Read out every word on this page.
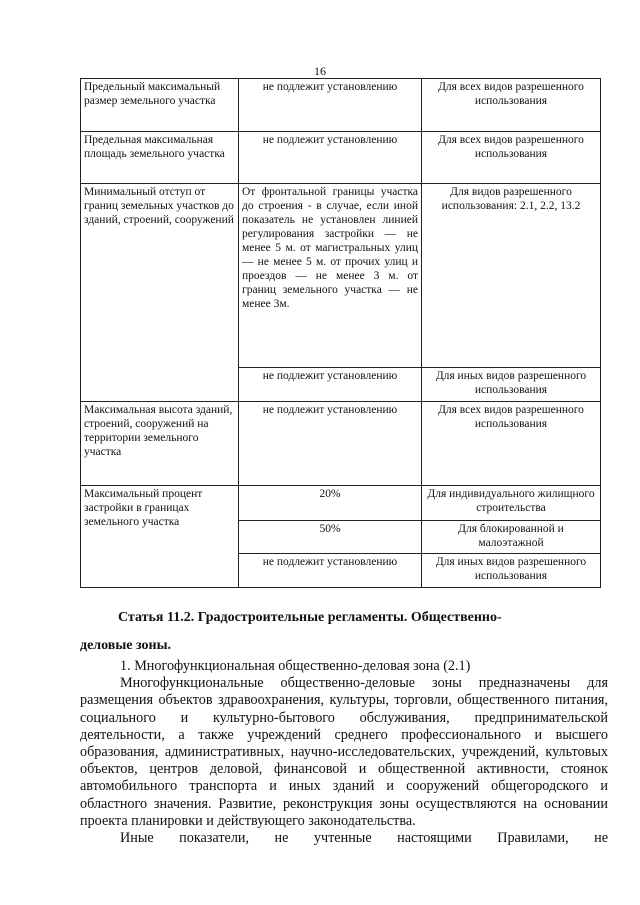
16
Предельный максимальный размер земельного участка	не подлежит установлению	Для всех видов разрешенного использования
Предельная максимальная площадь земельного участка	не подлежит установлению	Для всех видов разрешенного использования
Минимальный отступ от границ земельных участков до зданий, строений, сооружений	От фронтальной границы участка до строения - в случае, если иной показатель не установлен линией регулирования застройки — не менее 5 м. от магистральных улиц — не менее 5 м. от прочих улиц и проездов — не менее 3 м. от границ земельного участка — не менее 3м.	Для видов разрешенного использования: 2.1, 2.2, 13.2
	не подлежит установлению	Для иных видов разрешенного использования
Максимальная высота зданий, строений, сооружений на территории земельного участка	не подлежит установлению	Для всех видов разрешенного использования
Максимальный процент застройки в границах земельного участка	20%	Для индивидуального жилищного строительства
	50%	Для блокированной и малоэтажной
	не подлежит установлению	Для иных видов разрешенного использования
Статья 11.2. Градостроительные регламенты. Общественно-
деловые зоны.

1. Многофункциональная общественно-деловая зона (2.1)

Многофункциональные общественно-деловые зоны предназначены для размещения объектов здравоохранения, культуры, торговли, общественного питания, социального и культурно-бытового обслуживания, предпринимательской деятельности, а также учреждений среднего профессионального и высшего образования, административных, научно-исследовательских, учреждений, культовых объектов, центров деловой, финансовой и общественной активности, стоянок автомобильного транспорта и иных зданий и сооружений общегородского и областного значения. Развитие, реконструкция зоны осуществляются на основании проекта планировки и действующего законодательства.

Иные показатели, не учтенные настоящими Правилами, не
